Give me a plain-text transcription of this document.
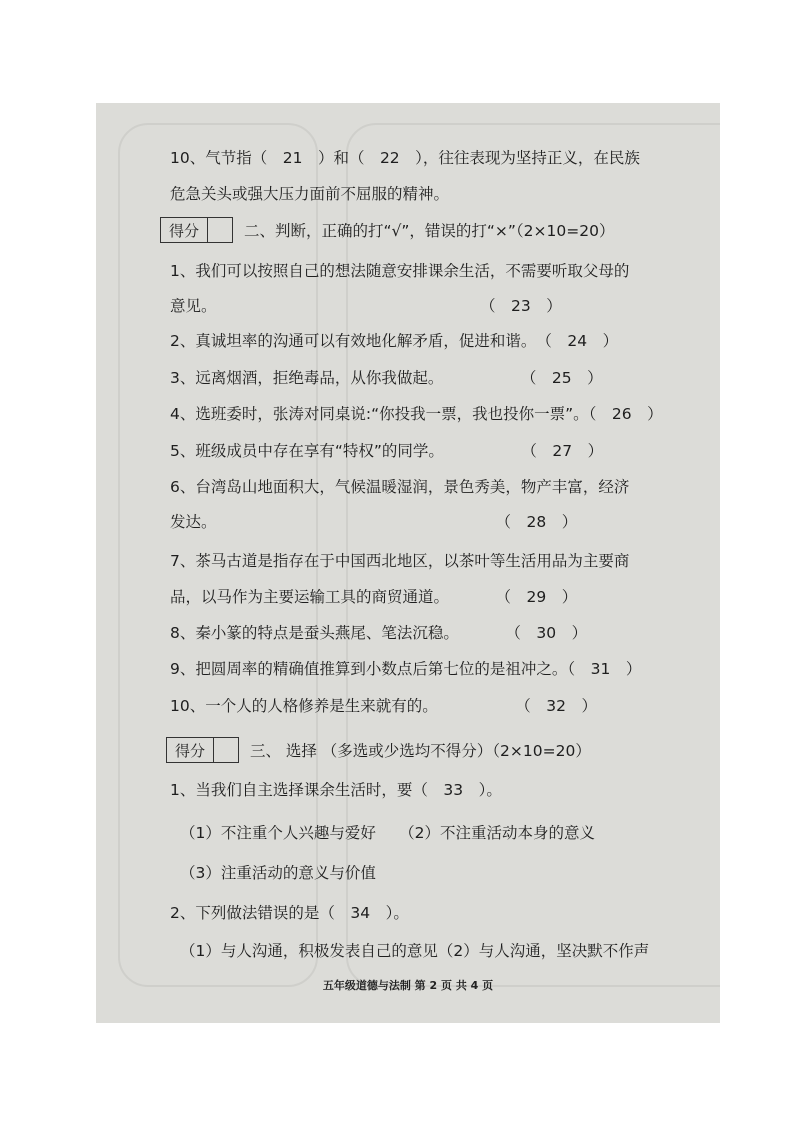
10、气节指（　21　）和（　22　），往往表现为坚持正义，在民族
危急关头或强大压力面前不屈服的精神。
得分	二、判断，正确的打“√”，错误的打“×”（2×10=20）
1、我们可以按照自己的想法随意安排课余生活，不需要听取父母的
意见。　　　　　　　　　　　　　　　　　　（　23　）
2、真诚坦率的沟通可以有效地化解矛盾，促进和谐。　（　24　）
3、远离烟酒，拒绝毒品，从你我做起。　　　　　　（　25　）
4、选班委时，张涛对同桌说:“你投我一票，我也投你一票”。（　26　）
5、班级成员中存在享有“特权”的同学。　　　　　　（　27　）
6、台湾岛山地面积大，气候温暖湿润，景色秀美，物产丰富，经济
发达。　　　　　　　　　　　　　　　　　　　（　28　）
7、茶马古道是指存在于中国西北地区，以茶叶等生活用品为主要商
品，以马作为主要运输工具的商贸通道。　　　　（　29　）
8、秦小篆的特点是蚕头燕尾、笔法沉稳。　　　　（　30　）
9、把圆周率的精确值推算到小数点后第七位的是祖冲之。（　31　）
10、一个人的人格修养是生来就有的。　　　　　　（　32　）
得分	三、 选择 （多选或少选均不得分）（2×10=20）
1、当我们自主选择课余生活时，要（　33　）。
（1）不注重个人兴趣与爱好　　（2）不注重活动本身的意义
（3）注重活动的意义与价值
2、下列做法错误的是（　34　）。
（1）与人沟通，积极发表自己的意见（2）与人沟通，坚决默不作声
五年级道德与法制 第 2 页 共 4 页
